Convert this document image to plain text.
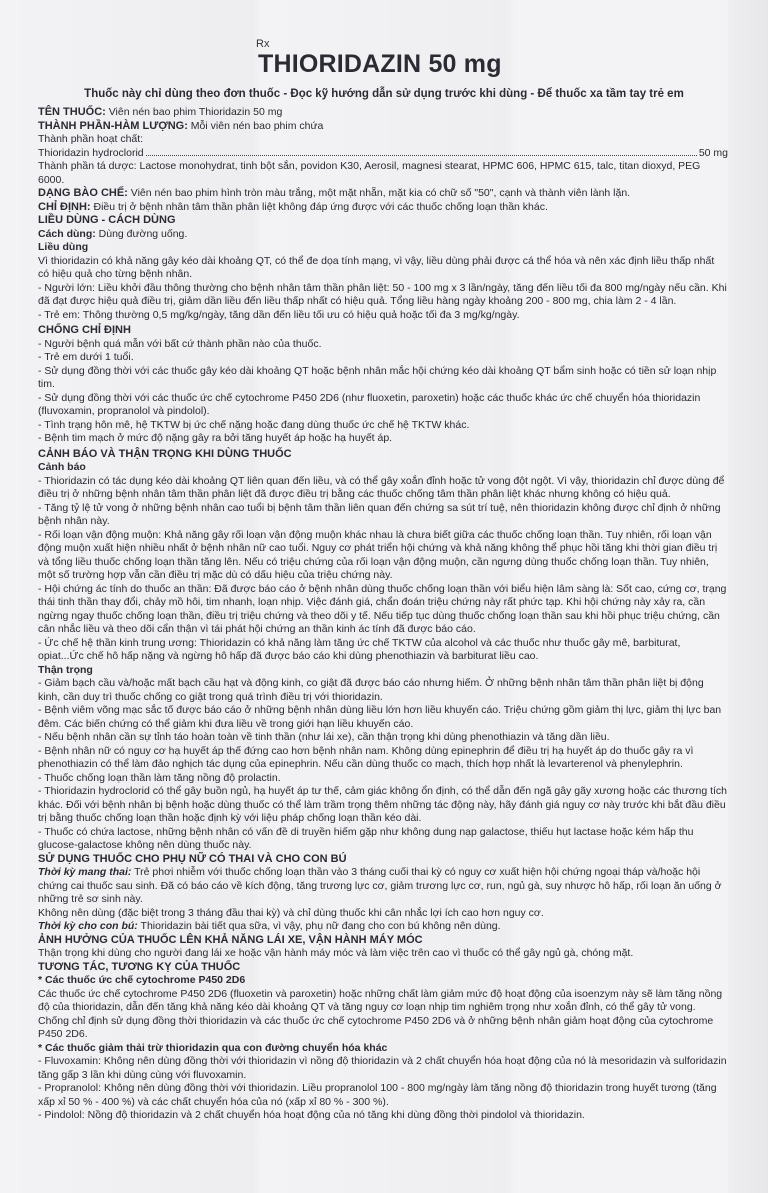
Rx
THIORIDAZIN 50 mg
Thuốc này chỉ dùng theo đơn thuốc - Đọc kỹ hướng dẫn sử dụng trước khi dùng - Để thuốc xa tầm tay trẻ em

TÊN THUỐC: Viên nén bao phim Thioridazin 50 mg

THÀNH PHẦN-HÀM LƯỢNG: Mỗi viên nén bao phim chứa

Thành phần hoạt chất:

Thioridazin hydroclorid	50 mg

Thành phần tá dược: Lactose monohydrat, tinh bột sắn, povidon K30, Aerosil, magnesi stearat, HPMC 606, HPMC 615, talc, titan dioxyd, PEG 6000.

DẠNG BÀO CHẾ: Viên nén bao phim hình tròn màu trắng, một mặt nhẵn, mặt kia có chữ số "50", cạnh và thành viên lành lặn.

CHỈ ĐỊNH: Điều trị ở bệnh nhân tâm thần phân liệt không đáp ứng được với các thuốc chống loạn thần khác.

LIỀU DÙNG - CÁCH DÙNG

Cách dùng: Dùng đường uống.

Liều dùng

Vì thioridazin có khả năng gây kéo dài khoảng QT, có thể đe dọa tính mạng, vì vậy, liều dùng phải được cá thể hóa và nên xác định liều thấp nhất có hiệu quả cho từng bệnh nhân.

- Người lớn: Liều khởi đầu thông thường cho bệnh nhân tâm thần phân liệt: 50 - 100 mg x 3 lần/ngày, tăng đến liều tối đa 800 mg/ngày nếu cần. Khi đã đạt được hiệu quả điều trị, giảm dần liều đến liều thấp nhất có hiệu quả. Tổng liều hàng ngày khoảng 200 - 800 mg, chia làm 2 - 4 lần.

- Trẻ em: Thông thường 0,5 mg/kg/ngày, tăng dần đến liều tối ưu có hiệu quả hoặc tối đa 3 mg/kg/ngày.

CHỐNG CHỈ ĐỊNH

- Người bệnh quá mẫn với bất cứ thành phần nào của thuốc.

- Trẻ em dưới 1 tuổi.

- Sử dụng đồng thời với các thuốc gây kéo dài khoảng QT hoặc bệnh nhân mắc hội chứng kéo dài khoảng QT bẩm sinh hoặc có tiền sử loạn nhịp tim.

- Sử dụng đồng thời với các thuốc ức chế cytochrome P450 2D6 (như fluoxetin, paroxetin) hoặc các thuốc khác ức chế chuyển hóa thioridazin (fluvoxamin, propranolol và pindolol).

- Tình trạng hôn mê, hệ TKTW bị ức chế nặng hoặc đang dùng thuốc ức chế hệ TKTW khác.

- Bệnh tim mạch ở mức độ nặng gây ra bởi tăng huyết áp hoặc hạ huyết áp.

CẢNH BÁO VÀ THẬN TRỌNG KHI DÙNG THUỐC

Cảnh báo

- Thioridazin có tác dụng kéo dài khoảng QT liên quan đến liều, và có thể gây xoắn đỉnh hoặc tử vong đột ngột. Vì vậy, thioridazin chỉ được dùng để điều trị ở những bệnh nhân tâm thần phân liệt đã được điều trị bằng các thuốc chống tâm thần phân liệt khác nhưng không có hiệu quả.

- Tăng tỷ lệ tử vong ở những bệnh nhân cao tuổi bị bệnh tâm thần liên quan đến chứng sa sút trí tuệ, nên thioridazin không được chỉ định ở những bệnh nhân này.

- Rối loạn vận động muộn: Khả năng gây rối loạn vận động muộn khác nhau là chưa biết giữa các thuốc chống loạn thần. Tuy nhiên, rối loạn vận động muộn xuất hiện nhiều nhất ở bệnh nhân nữ cao tuổi. Nguy cơ phát triển hội chứng và khả năng không thể phục hồi tăng khi thời gian điều trị và tổng liều thuốc chống loạn thần tăng lên. Nếu có triệu chứng của rối loạn vận động muộn, cần ngưng dùng thuốc chống loạn thần. Tuy nhiên, một số trường hợp vẫn cần điều trị mặc dù có dấu hiệu của triệu chứng này.

- Hội chứng ác tính do thuốc an thần: Đã được báo cáo ở bệnh nhân dùng thuốc chống loạn thần với biểu hiện lâm sàng là: Sốt cao, cứng cơ, trạng thái tinh thần thay đổi, chảy mồ hôi, tim nhanh, loạn nhịp. Việc đánh giá, chẩn đoán triệu chứng này rất phức tạp. Khi hội chứng này xảy ra, cần ngừng ngay thuốc chống loạn thần, điều trị triệu chứng và theo dõi y tế. Nếu tiếp tục dùng thuốc chống loạn thần sau khi hồi phục triệu chứng, cần cân nhắc liều và theo dõi cẩn thận vì tái phát hội chứng an thần kinh ác tính đã được báo cáo.

- Ức chế hệ thần kinh trung ương: Thioridazin có khả năng làm tăng ức chế TKTW của alcohol và các thuốc như thuốc gây mê, barbiturat, opiat...Ức chế hô hấp nặng và ngừng hô hấp đã được báo cáo khi dùng phenothiazin và barbiturat liều cao.

Thận trọng

- Giảm bạch cầu và/hoặc mất bạch cầu hạt và động kinh, co giật đã được báo cáo nhưng hiếm. Ở những bệnh nhân tâm thần phân liệt bị động kinh, cần duy trì thuốc chống co giật trong quá trình điều trị với thioridazin.

- Bệnh viêm võng mạc sắc tố được báo cáo ở những bệnh nhân dùng liều lớn hơn liều khuyến cáo. Triệu chứng gồm giảm thị lực, giảm thị lực ban đêm. Các biến chứng có thể giảm khi đưa liều về trong giới hạn liều khuyến cáo.

- Nếu bệnh nhân cần sự tỉnh táo hoàn toàn về tinh thần (như lái xe), cần thận trọng khi dùng phenothiazin và tăng dần liều.

- Bệnh nhân nữ có nguy cơ hạ huyết áp thế đứng cao hơn bệnh nhân nam. Không dùng epinephrin để điều trị hạ huyết áp do thuốc gây ra vì phenothiazin có thể làm đảo nghịch tác dụng của epinephrin. Nếu cần dùng thuốc co mạch, thích hợp nhất là levarterenol và phenylephrin.

- Thuốc chống loạn thần làm tăng nồng độ prolactin.

- Thioridazin hydroclorid có thể gây buồn ngủ, hạ huyết áp tư thế, cảm giác không ổn định, có thể dẫn đến ngã gây gãy xương hoặc các thương tích khác. Đối với bệnh nhân bị bệnh hoặc dùng thuốc có thể làm trầm trọng thêm những tác động này, hãy đánh giá nguy cơ này trước khi bắt đầu điều trị bằng thuốc chống loạn thần hoặc định kỳ với liệu pháp chống loạn thần kéo dài.

- Thuốc có chứa lactose, những bệnh nhân có vấn đề di truyền hiếm gặp như không dung nạp galactose, thiếu hụt lactase hoặc kém hấp thu glucose-galactose không nên dùng thuốc này.

SỬ DỤNG THUỐC CHO PHỤ NỮ CÓ THAI VÀ CHO CON BÚ

Thời kỳ mang thai: Trẻ phơi nhiễm với thuốc chống loạn thần vào 3 tháng cuối thai kỳ có nguy cơ xuất hiện hội chứng ngoại tháp và/hoặc hội chứng cai thuốc sau sinh. Đã có báo cáo về kích động, tăng trương lực cơ, giảm trương lực cơ, run, ngủ gà, suy nhược hô hấp, rối loạn ăn uống ở những trẻ sơ sinh này.

Không nên dùng (đặc biệt trong 3 tháng đầu thai kỳ) và chỉ dùng thuốc khi cân nhắc lợi ích cao hơn nguy cơ.

Thời kỳ cho con bú: Thioridazin bài tiết qua sữa, vì vậy, phụ nữ đang cho con bú không nên dùng.

ẢNH HƯỞNG CỦA THUỐC LÊN KHẢ NĂNG LÁI XE, VẬN HÀNH MÁY MÓC

Thận trọng khi dùng cho người đang lái xe hoặc vận hành máy móc và làm việc trên cao vì thuốc có thể gây ngủ gà, chóng mặt.

TƯƠNG TÁC, TƯƠNG KỴ CỦA THUỐC

* Các thuốc ức chế cytochrome P450 2D6

Các thuốc ức chế cytochrome P450 2D6 (fluoxetin và paroxetin) hoặc những chất làm giảm mức độ hoạt động của isoenzym này sẽ làm tăng nồng độ của thioridazin, dẫn đến tăng khả năng kéo dài khoảng QT và tăng nguy cơ loạn nhịp tim nghiêm trọng như xoắn đỉnh, có thể gây tử vong. Chống chỉ định sử dụng đồng thời thioridazin và các thuốc ức chế cytochrome P450 2D6 và ở những bệnh nhân giảm hoạt động của cytochrome P450 2D6.

* Các thuốc giảm thải trừ thioridazin qua con đường chuyển hóa khác

- Fluvoxamin: Không nên dùng đồng thời với thioridazin vì nồng độ thioridazin và 2 chất chuyển hóa hoạt động của nó là mesoridazin và sulforidazin tăng gấp 3 lần khi dùng cùng với fluvoxamin.

- Propranolol: Không nên dùng đồng thời với thioridazin. Liều propranolol 100 - 800 mg/ngày làm tăng nồng độ thioridazin trong huyết tương (tăng xấp xỉ 50 % - 400 %) và các chất chuyển hóa của nó (xấp xỉ 80 % - 300 %).

- Pindolol: Nồng độ thioridazin và 2 chất chuyển hóa hoạt động của nó tăng khi dùng đồng thời pindolol và thioridazin.
